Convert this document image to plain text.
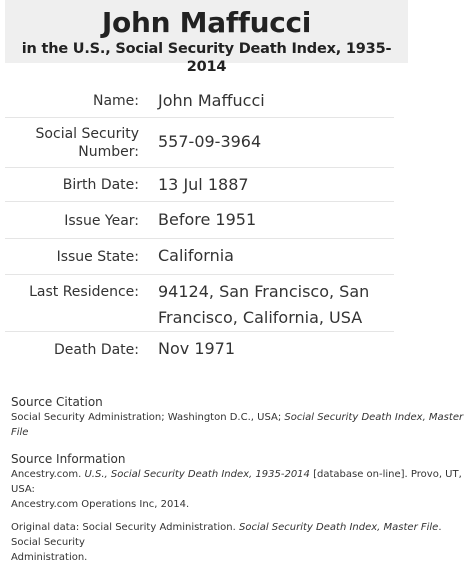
John Maffucci
in the U.S., Social Security Death Index, 1935-2014
Name:	John Maffucci
Social Security
Number:
557-09-3964
Birth Date:	13 Jul 1887
Issue Year:	Before 1951
Issue State:	California
Last Residence: 94124, San Francisco, San
Francisco, California, USA
Death Date:	Nov 1971
Source Citation

Social Security Administration; Washington D.C., USA; Social Security Death Index, Master File

Source Information

Ancestry.com. U.S., Social Security Death Index, 1935-2014 [database on-line]. Provo, UT, USA:
Ancestry.com Operations Inc, 2014.

Original data: Social Security Administration. Social Security Death Index, Master File. Social Security
Administration.
